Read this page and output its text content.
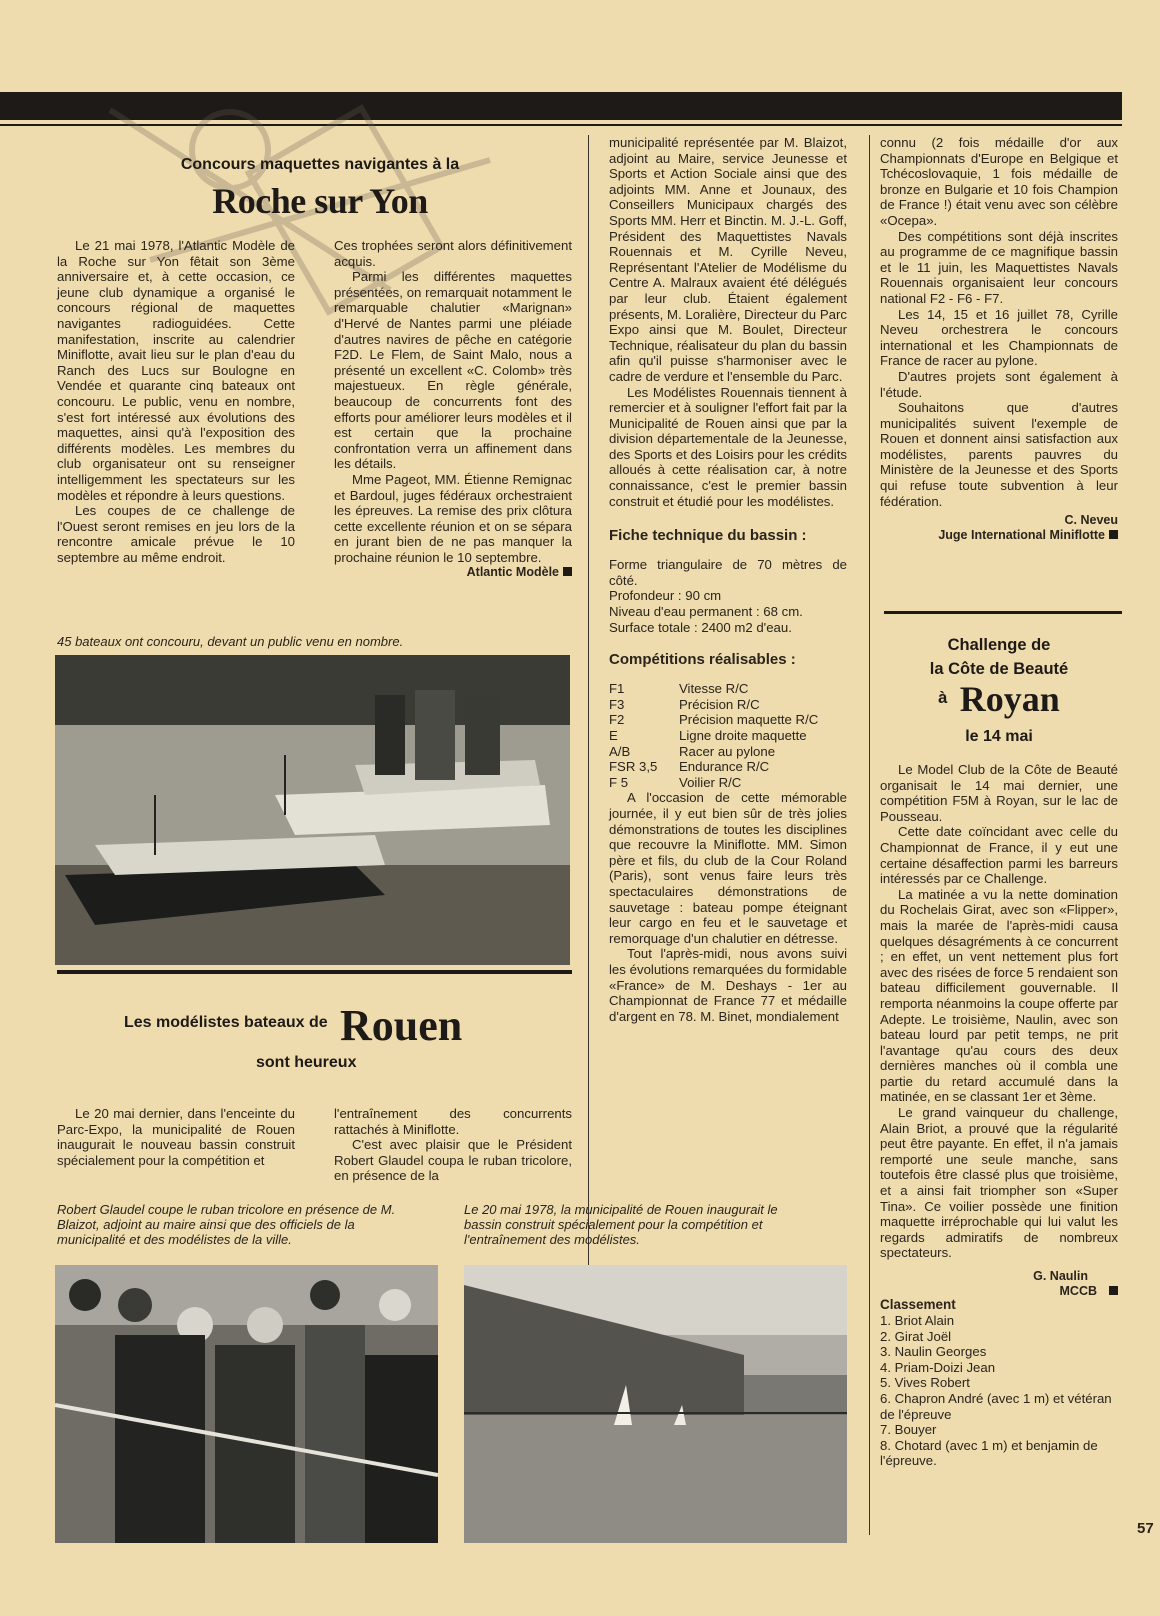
Concours maquettes navigantes à la
Roche sur Yon

Le 21 mai 1978, l'Atlantic Modèle de la Roche sur Yon fêtait son 3ème anniversaire et, à cette occasion, ce jeune club dynamique a organisé le concours régional de maquettes navigantes radioguidées. Cette manifestation, inscrite au calendrier Miniflotte, avait lieu sur le plan d'eau du Ranch des Lucs sur Boulogne en Vendée et quarante cinq bateaux ont concouru. Le public, venu en nombre, s'est fort intéressé aux évolutions des maquettes, ainsi qu'à l'exposition des différents modèles. Les membres du club organisateur ont su renseigner intelligemment les spectateurs sur les modèles et répondre à leurs questions.

Les coupes de ce challenge de l'Ouest seront remises en jeu lors de la rencontre amicale prévue le 10 septembre au même endroit.

Ces trophées seront alors définitivement acquis.

Parmi les différentes maquettes présentées, on remarquait notamment le remarquable chalutier «Marignan» d'Hervé de Nantes parmi une pléiade d'autres navires de pêche en catégorie F2D. Le Flem, de Saint Malo, nous a présenté un excellent «C. Colomb» très majestueux. En règle générale, beaucoup de concurrents font des efforts pour améliorer leurs modèles et il est certain que la prochaine confrontation verra un affinement dans les détails.

Mme Pageot, MM. Étienne Remignac et Bardoul, juges fédéraux orchestraient les épreuves. La remise des prix clôtura cette excellente réunion et on se sépara en jurant bien de ne pas manquer la prochaine réunion le 10 septembre.

Atlantic Modèle
45 bateaux ont concouru, devant un public venu en nombre.
Les modélistes bateaux de Rouen
sont heureux

Le 20 mai dernier, dans l'enceinte du Parc-Expo, la municipalité de Rouen inaugurait le nouveau bassin construit spécialement pour la compétition et

l'entraînement des concurrents rattachés à Miniflotte.

C'est avec plaisir que le Président Robert Glaudel coupa le ruban tricolore, en présence de la

municipalité représentée par M. Blaizot, adjoint au Maire, service Jeunesse et Sports et Action Sociale ainsi que des adjoints MM. Anne et Jounaux, des Conseillers Municipaux chargés des Sports MM. Herr et Binctin. M. J.-L. Goff, Président des Maquettistes Navals Rouennais et M. Cyrille Neveu, Représentant l'Atelier de Modélisme du Centre A. Malraux avaient été délégués par leur club. Étaient également présents, M. Loralière, Directeur du Parc Expo ainsi que M. Boulet, Directeur Technique, réalisateur du plan du bassin afin qu'il puisse s'harmoniser avec le cadre de verdure et l'ensemble du Parc.

Les Modélistes Rouennais tiennent à remercier et à souligner l'effort fait par la Municipalité de Rouen ainsi que par la division départementale de la Jeunesse, des Sports et des Loisirs pour les crédits alloués à cette réalisation car, à notre connaissance, c'est le premier bassin construit et étudié pour les modélistes.

Fiche technique du bassin :
Forme triangulaire de 70 mètres de côté.
Profondeur : 90 cm
Niveau d'eau permanent : 68 cm.
Surface totale : 2400 m2 d'eau.
Compétitions réalisables :
F1	Vitesse R/C
F3	Précision R/C
F2	Précision maquette R/C
E	Ligne droite maquette
A/B	Racer au pylone
FSR 3,5	Endurance R/C
F 5	Voilier R/C

A l'occasion de cette mémorable journée, il y eut bien sûr de très jolies démonstrations de toutes les disciplines que recouvre la Miniflotte. MM. Simon père et fils, du club de la Cour Roland (Paris), sont venus faire leurs très spectaculaires démonstrations de sauvetage : bateau pompe éteignant leur cargo en feu et le sauvetage et remorquage d'un chalutier en détresse.

Tout l'après-midi, nous avons suivi les évolutions remarquées du formidable «France» de M. Deshays - 1er au Championnat de France 77 et médaille d'argent en 78. M. Binet, mondialement

connu (2 fois médaille d'or aux Championnats d'Europe en Belgique et Tchécoslovaquie, 1 fois médaille de bronze en Bulgarie et 10 fois Champion de France !) était venu avec son célèbre «Ocepa».

Des compétitions sont déjà inscrites au programme de ce magnifique bassin et le 11 juin, les Maquettistes Navals Rouennais organisaient leur concours national F2 - F6 - F7.

Les 14, 15 et 16 juillet 78, Cyrille Neveu orchestrera le concours international et les Championnats de France de racer au pylone.

D'autres projets sont également à l'étude.

Souhaitons que d'autres municipalités suivent l'exemple de Rouen et donnent ainsi satisfaction aux modélistes, parents pauvres du Ministère de la Jeunesse et des Sports qui refuse toute subvention à leur fédération.

C. Neveu
Juge International Miniflotte
Challenge de
la Côte de Beauté
à Royan
le 14 mai

Le Model Club de la Côte de Beauté organisait le 14 mai dernier, une compétition F5M à Royan, sur le lac de Pousseau.

Cette date coïncidant avec celle du Championnat de France, il y eut une certaine désaffection parmi les barreurs intéressés par ce Challenge.

La matinée a vu la nette domination du Rochelais Girat, avec son «Flipper», mais la marée de l'après-midi causa quelques désagréments à ce concurrent ; en effet, un vent nettement plus fort avec des risées de force 5 rendaient son bateau difficilement gouvernable. Il remporta néanmoins la coupe offerte par Adepte. Le troisième, Naulin, avec son bateau lourd par petit temps, ne prit l'avantage qu'au cours des deux dernières manches où il combla une partie du retard accumulé dans la matinée, en se classant 1er et 3ème.

Le grand vainqueur du challenge, Alain Briot, a prouvé que la régularité peut être payante. En effet, il n'a jamais remporté une seule manche, sans toutefois être classé plus que troisième, et a ainsi fait triompher son «Super Tina». Ce voilier possède une finition maquette irréprochable qui lui valut les regards admiratifs de nombreux spectateurs.

G. Naulin
MCCB
Classement
1. Briot Alain
2. Girat Joël
3. Naulin Georges
4. Priam-Doizi Jean
5. Vives Robert
6. Chapron André (avec 1 m) et vétéran de l'épreuve
7. Bouyer
8. Chotard (avec 1 m) et benjamin de l'épreuve.
Robert Glaudel coupe le ruban tricolore en présence de M. Blaizot, adjoint au maire ainsi que des officiels de la municipalité et des modélistes de la ville.
Le 20 mai 1978, la municipalité de Rouen inaugurait le bassin construit spécialement pour la compétition et l'entraînement des modélistes.
57
